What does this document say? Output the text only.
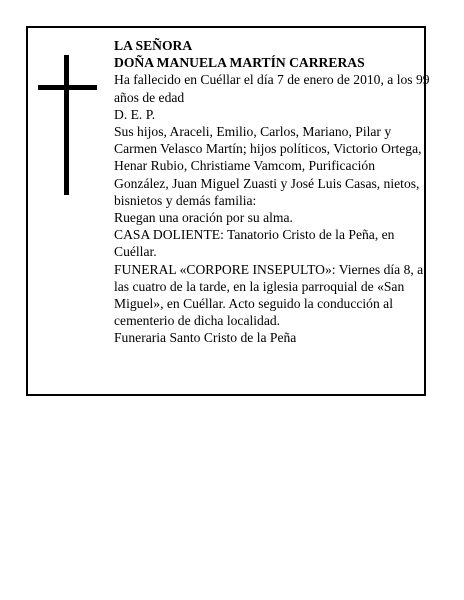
LA SEÑORA

DOÑA MANUELA MARTÍN CARRERAS

Ha fallecido en Cuéllar el día 7 de enero de 2010, a los 99 años de edad

D. E. P.

Sus hijos, Araceli, Emilio, Carlos, Mariano, Pilar y Carmen Velasco Martín; hijos políticos, Victorio Ortega, Henar Rubio, Christiame Vamcom, Purificación González, Juan Miguel Zuasti y José Luis Casas, nietos, bisnietos y demás familia:

Ruegan una oración por su alma.

CASA DOLIENTE: Tanatorio Cristo de la Peña, en Cuéllar.

FUNERAL «CORPORE INSEPULTO»: Viernes día 8, a las cuatro de la tarde, en la iglesia parroquial de «San Miguel», en Cuéllar. Acto seguido la conducción al cementerio de dicha localidad.

Funeraria Santo Cristo de la Peña
